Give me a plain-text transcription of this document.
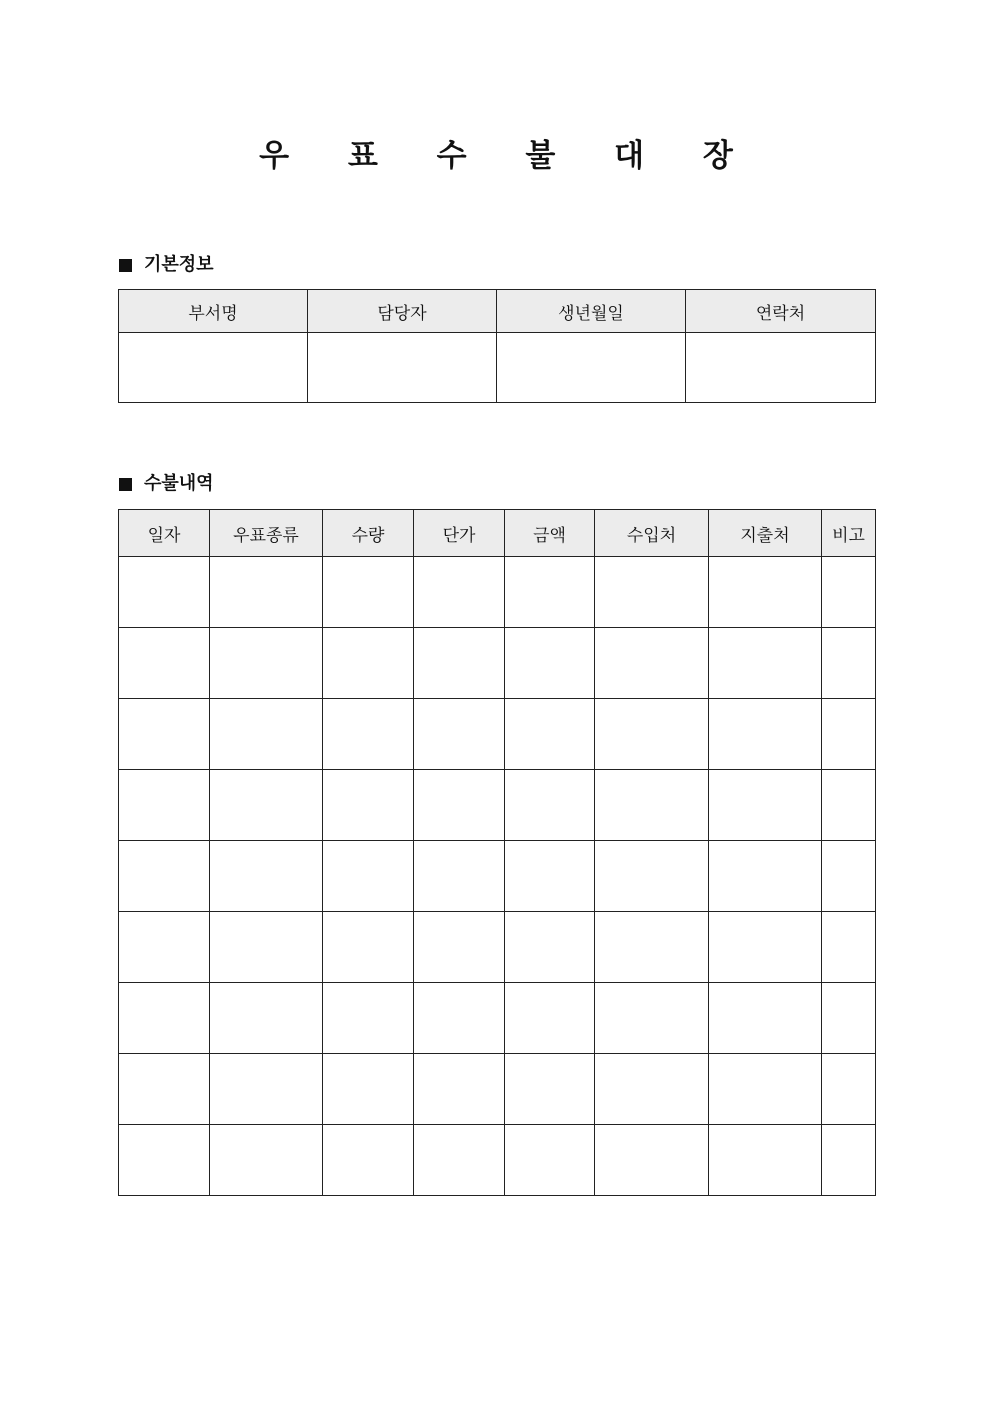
우 표 수 불 대 장
기본정보
부서명	담당자	생년월일	연락처

수불내역
일자	우표종류	수량	단가	금액	수입처	지출처	비고
